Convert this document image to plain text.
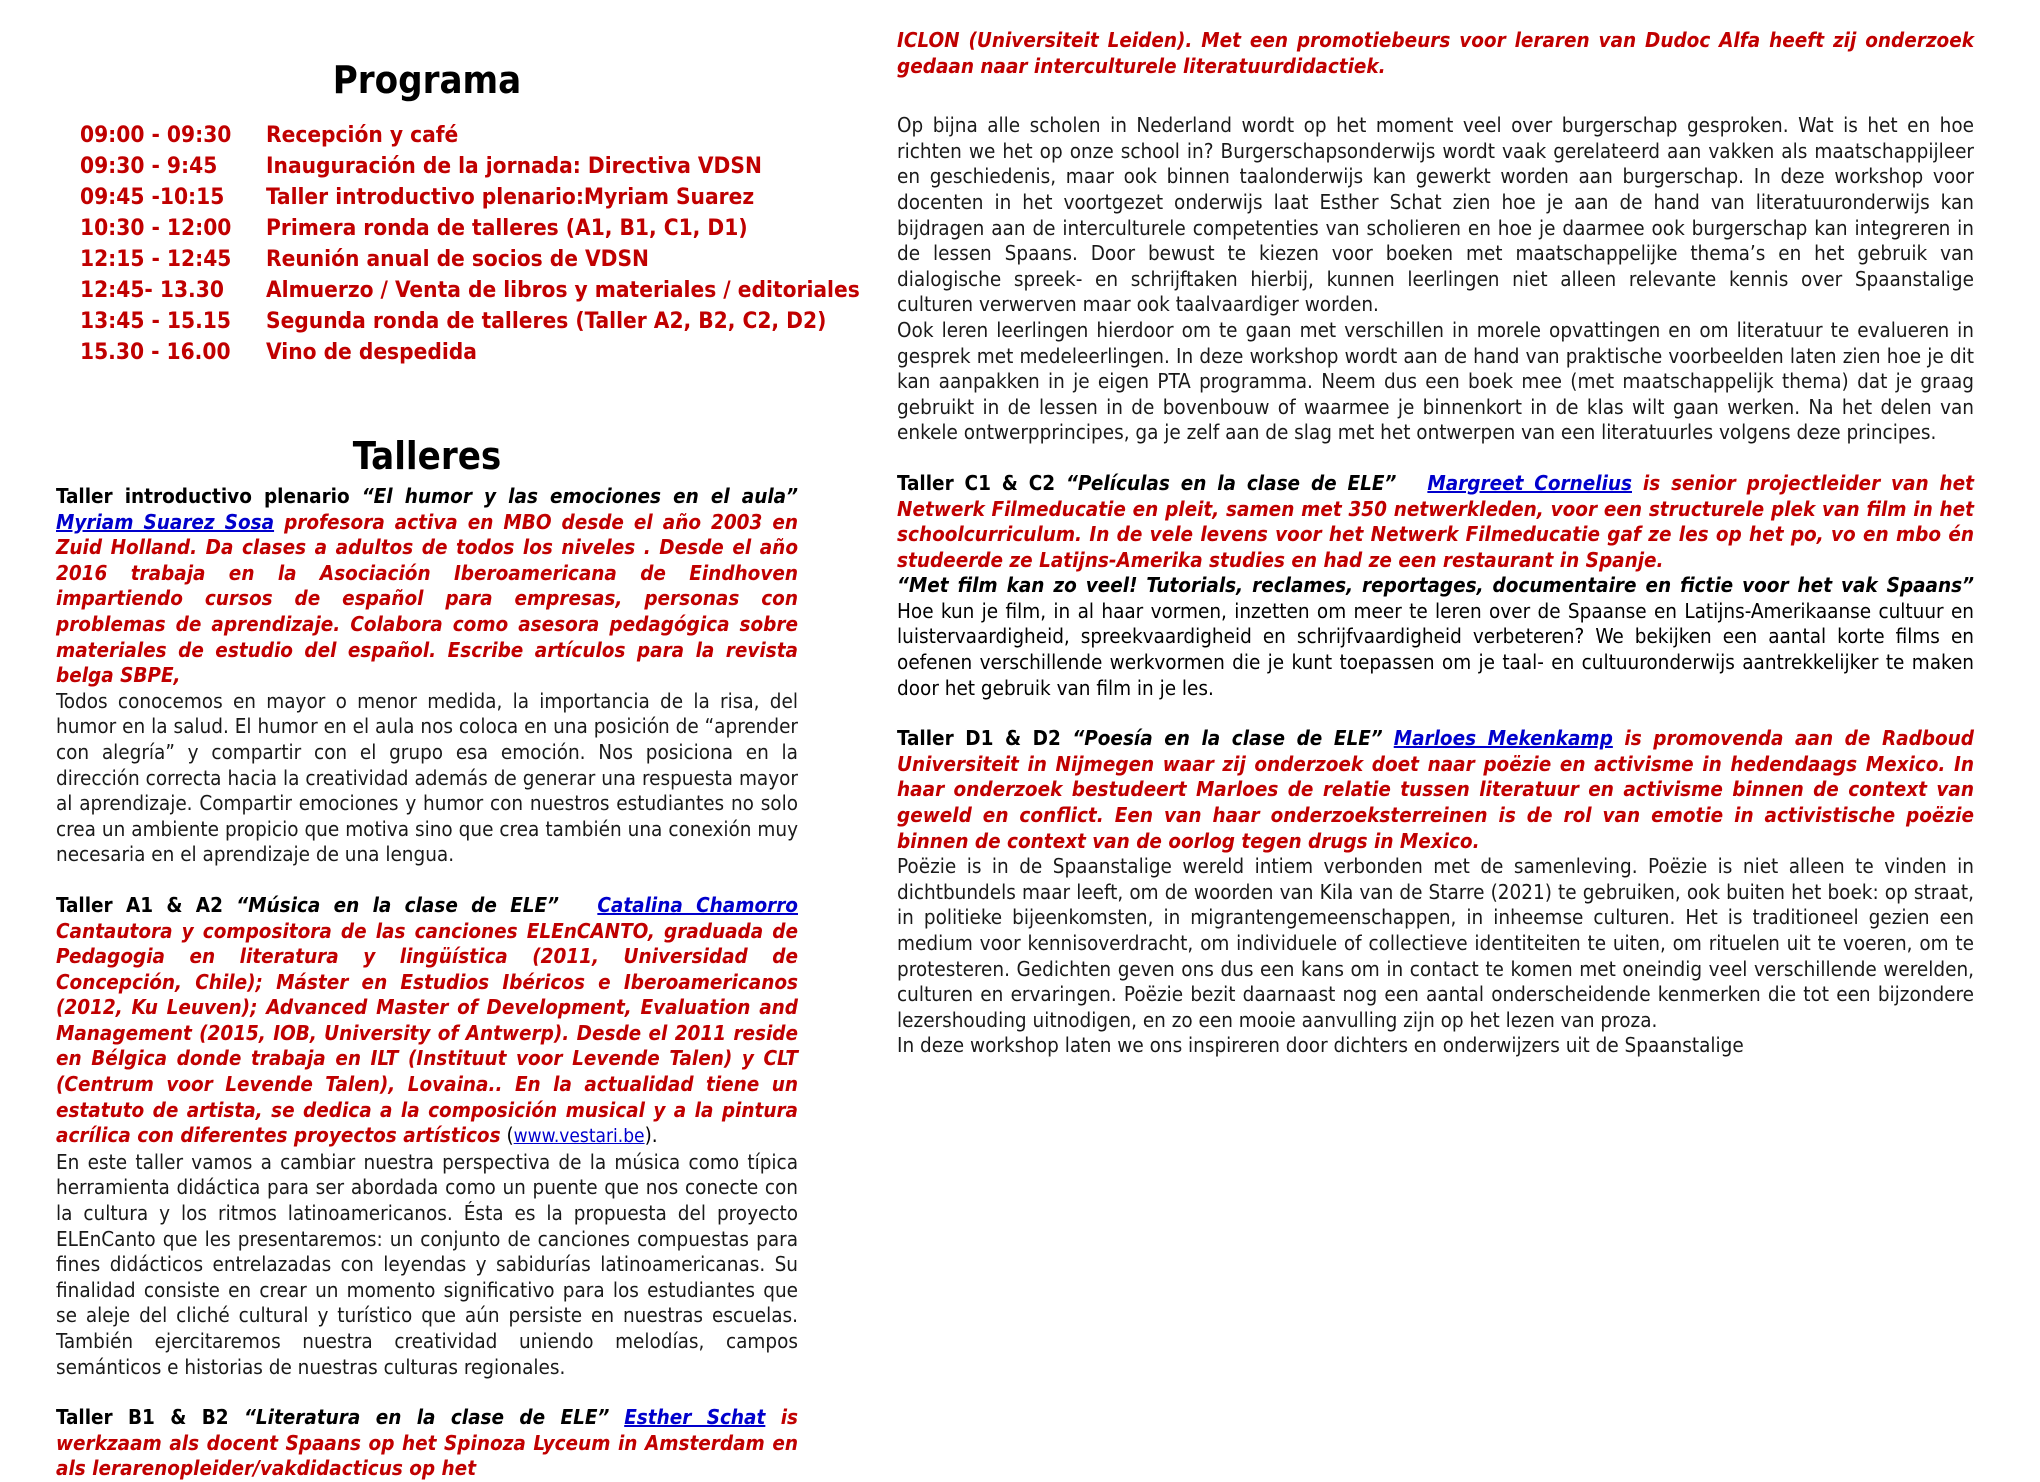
Programa
09:00 - 09:30	Recepción y café
09:30 - 9:45	Inauguración de la jornada: Directiva VDSN
09:45 -10:15	Taller introductivo plenario:Myriam Suarez
10:30 - 12:00	Primera ronda de talleres (A1, B1, C1, D1)
12:15 - 12:45	Reunión anual de socios de VDSN
12:45- 13.30	Almuerzo / Venta de libros y materiales / editoriales
13:45 - 15.15	Segunda ronda de talleres (Taller A2, B2, C2, D2)
15.30 - 16.00	Vino de despedida
Talleres
Taller introductivo plenario “El humor y las emociones en el aula” Myriam Suarez Sosa profesora activa en MBO desde el año 2003 en Zuid Holland. Da clases a adultos de todos los niveles . Desde el año 2016 trabaja en la Asociación Iberoamericana de Eindhoven impartiendo cursos de español para empresas, personas con problemas de aprendizaje. Colabora como asesora pedagógica sobre materiales de estudio del español. Escribe artículos para la revista belga SBPE,

Todos conocemos en mayor o menor medida, la importancia de la risa, del humor en la salud. El humor en el aula nos coloca en una posición de “aprender con alegría” y compartir con el grupo esa emoción. Nos posiciona en la dirección correcta hacia la creatividad además de generar una respuesta mayor al aprendizaje. Compartir emociones y humor con nuestros estudiantes no solo crea un ambiente propicio que motiva sino que crea también una conexión muy necesaria en el aprendizaje de una lengua.

Taller A1 & A2 “Música en la clase de ELE” Catalina Chamorro Cantautora y compositora de las canciones ELEnCANTO, graduada de Pedagogia en literatura y lingüística (2011, Universidad de Concepción, Chile); Máster en Estudios Ibéricos e Iberoamericanos (2012, Ku Leuven); Advanced Master of Development, Evaluation and Management (2015, IOB, University of Antwerp). Desde el 2011 reside en Bélgica donde trabaja en ILT (Instituut voor Levende Talen) y CLT (Centrum voor Levende Talen), Lovaina.. En la actualidad tiene un estatuto de artista, se dedica a la composición musical y a la pintura acrílica con diferentes proyectos artísticos (www.vestari.be).

En este taller vamos a cambiar nuestra perspectiva de la música como típica herramienta didáctica para ser abordada como un puente que nos conecte con la cultura y los ritmos latinoamericanos. Ésta es la propuesta del proyecto ELEnCanto que les presentaremos: un conjunto de canciones compuestas para fines didácticos entrelazadas con leyendas y sabidurías latinoamericanas. Su finalidad consiste en crear un momento significativo para los estudiantes que se aleje del cliché cultural y turístico que aún persiste en nuestras escuelas. También ejercitaremos nuestra creatividad uniendo melodías, campos semánticos e historias de nuestras culturas regionales.

Taller B1 & B2 “Literatura en la clase de ELE” Esther Schat is werkzaam als docent Spaans op het Spinoza Lyceum in Amsterdam en als lerarenopleider/vakdidacticus op het

ICLON (Universiteit Leiden). Met een promotiebeurs voor leraren van Dudoc Alfa heeft zij onderzoek gedaan naar interculturele literatuurdidactiek.

Op bijna alle scholen in Nederland wordt op het moment veel over burgerschap gesproken. Wat is het en hoe richten we het op onze school in? Burgerschapsonderwijs wordt vaak gerelateerd aan vakken als maatschappijleer en geschiedenis, maar ook binnen taalonderwijs kan gewerkt worden aan burgerschap. In deze workshop voor docenten in het voortgezet onderwijs laat Esther Schat zien hoe je aan de hand van literatuuronderwijs kan bijdragen aan de interculturele competenties van scholieren en hoe je daarmee ook burgerschap kan integreren in de lessen Spaans. Door bewust te kiezen voor boeken met maatschappelijke thema’s en het gebruik van dialogische spreek- en schrijftaken hierbij, kunnen leerlingen niet alleen relevante kennis over Spaanstalige culturen verwerven maar ook taalvaardiger worden.

Ook leren leerlingen hierdoor om te gaan met verschillen in morele opvattingen en om literatuur te evalueren in gesprek met medeleerlingen. In deze workshop wordt aan de hand van praktische voorbeelden laten zien hoe je dit kan aanpakken in je eigen PTA programma. Neem dus een boek mee (met maatschappelijk thema) dat je graag gebruikt in de lessen in de bovenbouw of waarmee je binnenkort in de klas wilt gaan werken. Na het delen van enkele ontwerpprincipes, ga je zelf aan de slag met het ontwerpen van een literatuurles volgens deze principes.

Taller C1 & C2 “Películas en la clase de ELE” Margreet Cornelius is senior projectleider van het Netwerk Filmeducatie en pleit, samen met 350 netwerkleden, voor een structurele plek van film in het schoolcurriculum. In de vele levens voor het Netwerk Filmeducatie gaf ze les op het po, vo en mbo én studeerde ze Latijns-Amerika studies en had ze een restaurant in Spanje.
“Met film kan zo veel! Tutorials, reclames, reportages, documentaire en fictie voor het vak Spaans” Hoe kun je film, in al haar vormen, inzetten om meer te leren over de Spaanse en Latijns-Amerikaanse cultuur en luistervaardigheid, spreekvaardigheid en schrijfvaardigheid verbeteren? We bekijken een aantal korte films en oefenen verschillende werkvormen die je kunt toepassen om je taal- en cultuuronderwijs aantrekkelijker te maken door het gebruik van film in je les.
Taller D1 & D2 “Poesía en la clase de ELE” Marloes Mekenkamp is promovenda aan de Radboud Universiteit in Nijmegen waar zij onderzoek doet naar poëzie en activisme in hedendaags Mexico. In haar onderzoek bestudeert Marloes de relatie tussen literatuur en activisme binnen de context van geweld en conflict. Een van haar onderzoeksterreinen is de rol van emotie in activistische poëzie binnen de context van de oorlog tegen drugs in Mexico.

Poëzie is in de Spaanstalige wereld intiem verbonden met de samenleving. Poëzie is niet alleen te vinden in dichtbundels maar leeft, om de woorden van Kila van de Starre (2021) te gebruiken, ook buiten het boek: op straat, in politieke bijeenkomsten, in migrantengemeenschappen, in inheemse culturen. Het is traditioneel gezien een medium voor kennisoverdracht, om individuele of collectieve identiteiten te uiten, om rituelen uit te voeren, om te protesteren. Gedichten geven ons dus een kans om in contact te komen met oneindig veel verschillende werelden, culturen en ervaringen. Poëzie bezit daarnaast nog een aantal onderscheidende kenmerken die tot een bijzondere lezershouding uitnodigen, en zo een mooie aanvulling zijn op het lezen van proza.

In deze workshop laten we ons inspireren door dichters en onderwijzers uit de Spaanstalige
